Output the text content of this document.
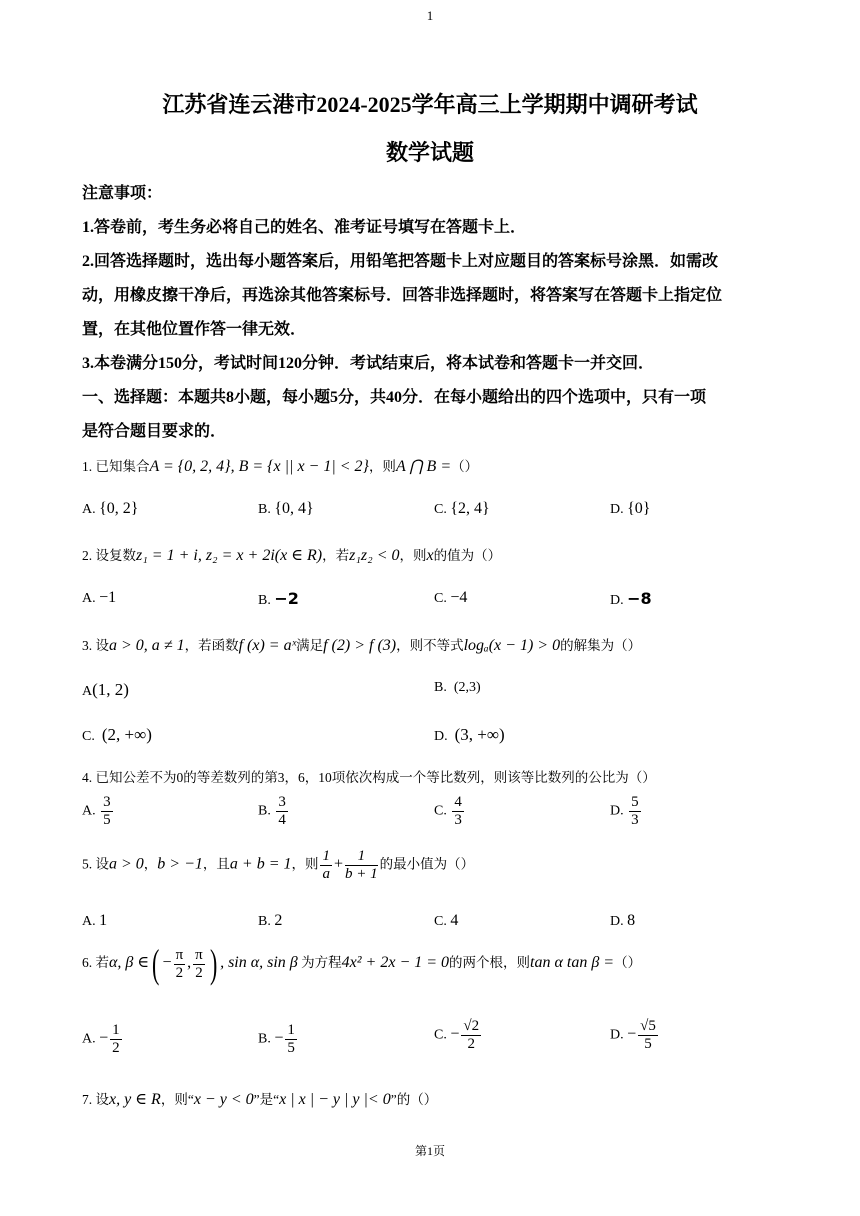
1
江苏省连云港市2024-2025学年高三上学期期中调研考试
数学试题
注意事项：
1.答卷前，考生务必将自己的姓名、准考证号填写在答题卡上．
2.回答选择题时，选出每小题答案后，用铅笔把答题卡上对应题目的答案标号涂黑．如需改
动，用橡皮擦干净后，再选涂其他答案标号．回答非选择题时，将答案写在答题卡上指定位
置，在其他位置作答一律无效．
3.本卷满分150分，考试时间120分钟．考试结束后，将本试卷和答题卡一并交回．
一、选择题：本题共8小题，每小题5分，共40分．在每小题给出的四个选项中，只有一项
是符合题目要求的．
1. 已知集合A = {0, 2, 4}, B = {x || x − 1| < 2}，则A ⋂ B =（）
A. {0, 2}	B. {0, 4}	C. {2, 4}	D. {0}
2. 设复数z₁ = 1 + i, z₂ = x + 2i(x ∈ R)，若z₁z₂ < 0，则x的值为（）
A. −1	B. −2	C. −4	D. −8
3. 设a > 0, a ≠ 1，若函数f (x) = aˣ满足f (2) > f (3)，则不等式logₐ(x − 1) > 0的解集为（）
A(1, 2)	B. (2,3)
C. (2, +∞)	D. (3, +∞)
4. 已知公差不为0的等差数列的第3，6，10项依次构成一个等比数列，则该等比数列的公比为（）
A. $\frac{3}{5}$	B. $\frac{3}{4}$	C. $\frac{4}{3}$	D. $\frac{5}{3}$
5. 设a > 0，b > −1，且a + b = 1，则 $\frac{1}{a} + \frac{1}{b + 1}$ 的最小值为（）
A. 1	B. 2	C. 4	D. 8
6. 若α, β ∈( − $\frac{\pi}{2}$ , $\frac{\pi}{2}$ ) , sin α, sin β 为方程4x² + 2x − 1 = 0的两个根，则tan α tan β =（）
A. − $\frac{1}{2}$	B. − $\frac{1}{5}$	C. − $\frac{√2}{2}$	D. − $\frac{√5}{5}$
7. 设x, y ∈ R，则“x − y < 0”是“x | x | − y | y |< 0”的（）
第1页
